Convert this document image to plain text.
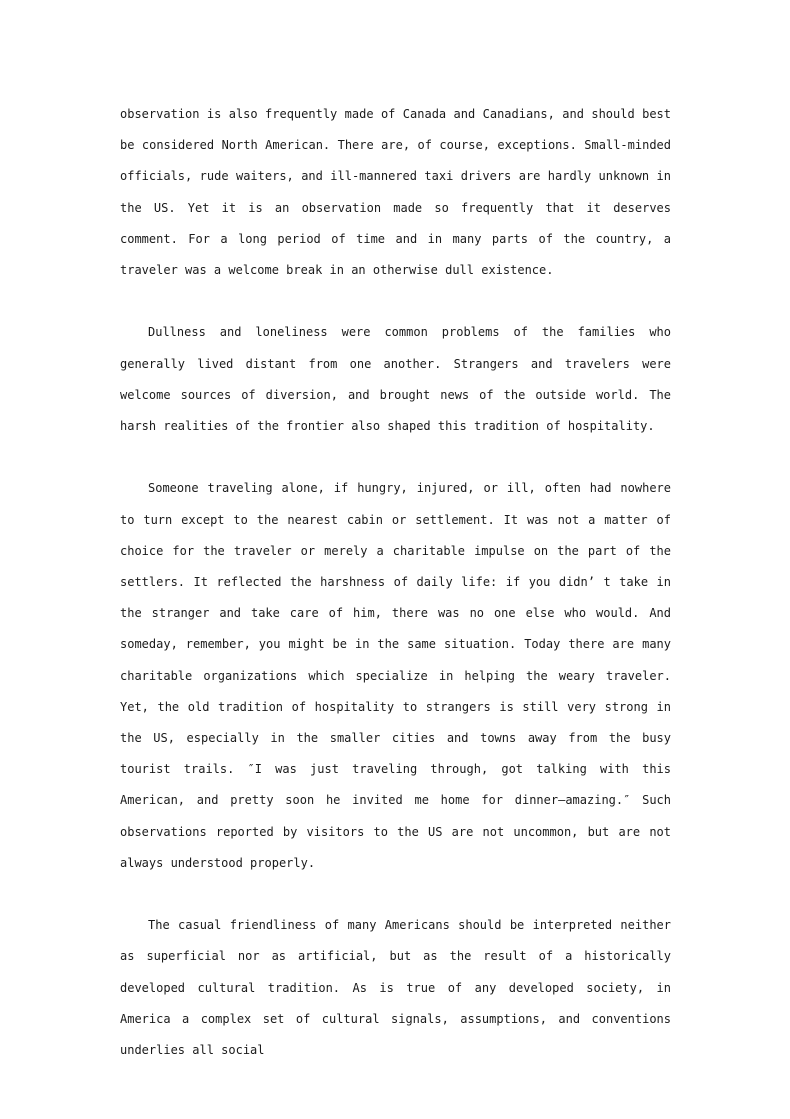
observation is also frequently made of Canada and Canadians, and should best be considered North American. There are, of course, exceptions. Small-minded officials, rude waiters, and ill-mannered taxi drivers are hardly unknown in the US. Yet it is an observation made so frequently that it deserves comment. For a long period of time and in many parts of the country, a traveler was a welcome break in an otherwise dull existence.

Dullness and loneliness were common problems of the families who generally lived distant from one another. Strangers and travelers were welcome sources of diversion, and brought news of the outside world. The harsh realities of the frontier also shaped this tradition of hospitality.

Someone traveling alone, if hungry, injured, or ill, often had nowhere to turn except to the nearest cabin or settlement. It was not a matter of choice for the traveler or merely a charitable impulse on the part of the settlers. It reflected the harshness of daily life: if you didn’ t take in the stranger and take care of him, there was no one else who would. And someday, remember, you might be in the same situation. Today there are many charitable organizations which specialize in helping the weary traveler. Yet, the old tradition of hospitality to strangers is still very strong in the US, especially in the smaller cities and towns away from the busy tourist trails. ″I was just traveling through, got talking with this American, and pretty soon he invited me home for dinner—amazing.″ Such observations reported by visitors to the US are not uncommon, but are not always understood properly.

The casual friendliness of many Americans should be interpreted neither as superficial nor as artificial, but as the result of a historically developed cultural tradition. As is true of any developed society, in America a complex set of cultural signals, assumptions, and conventions underlies all social
